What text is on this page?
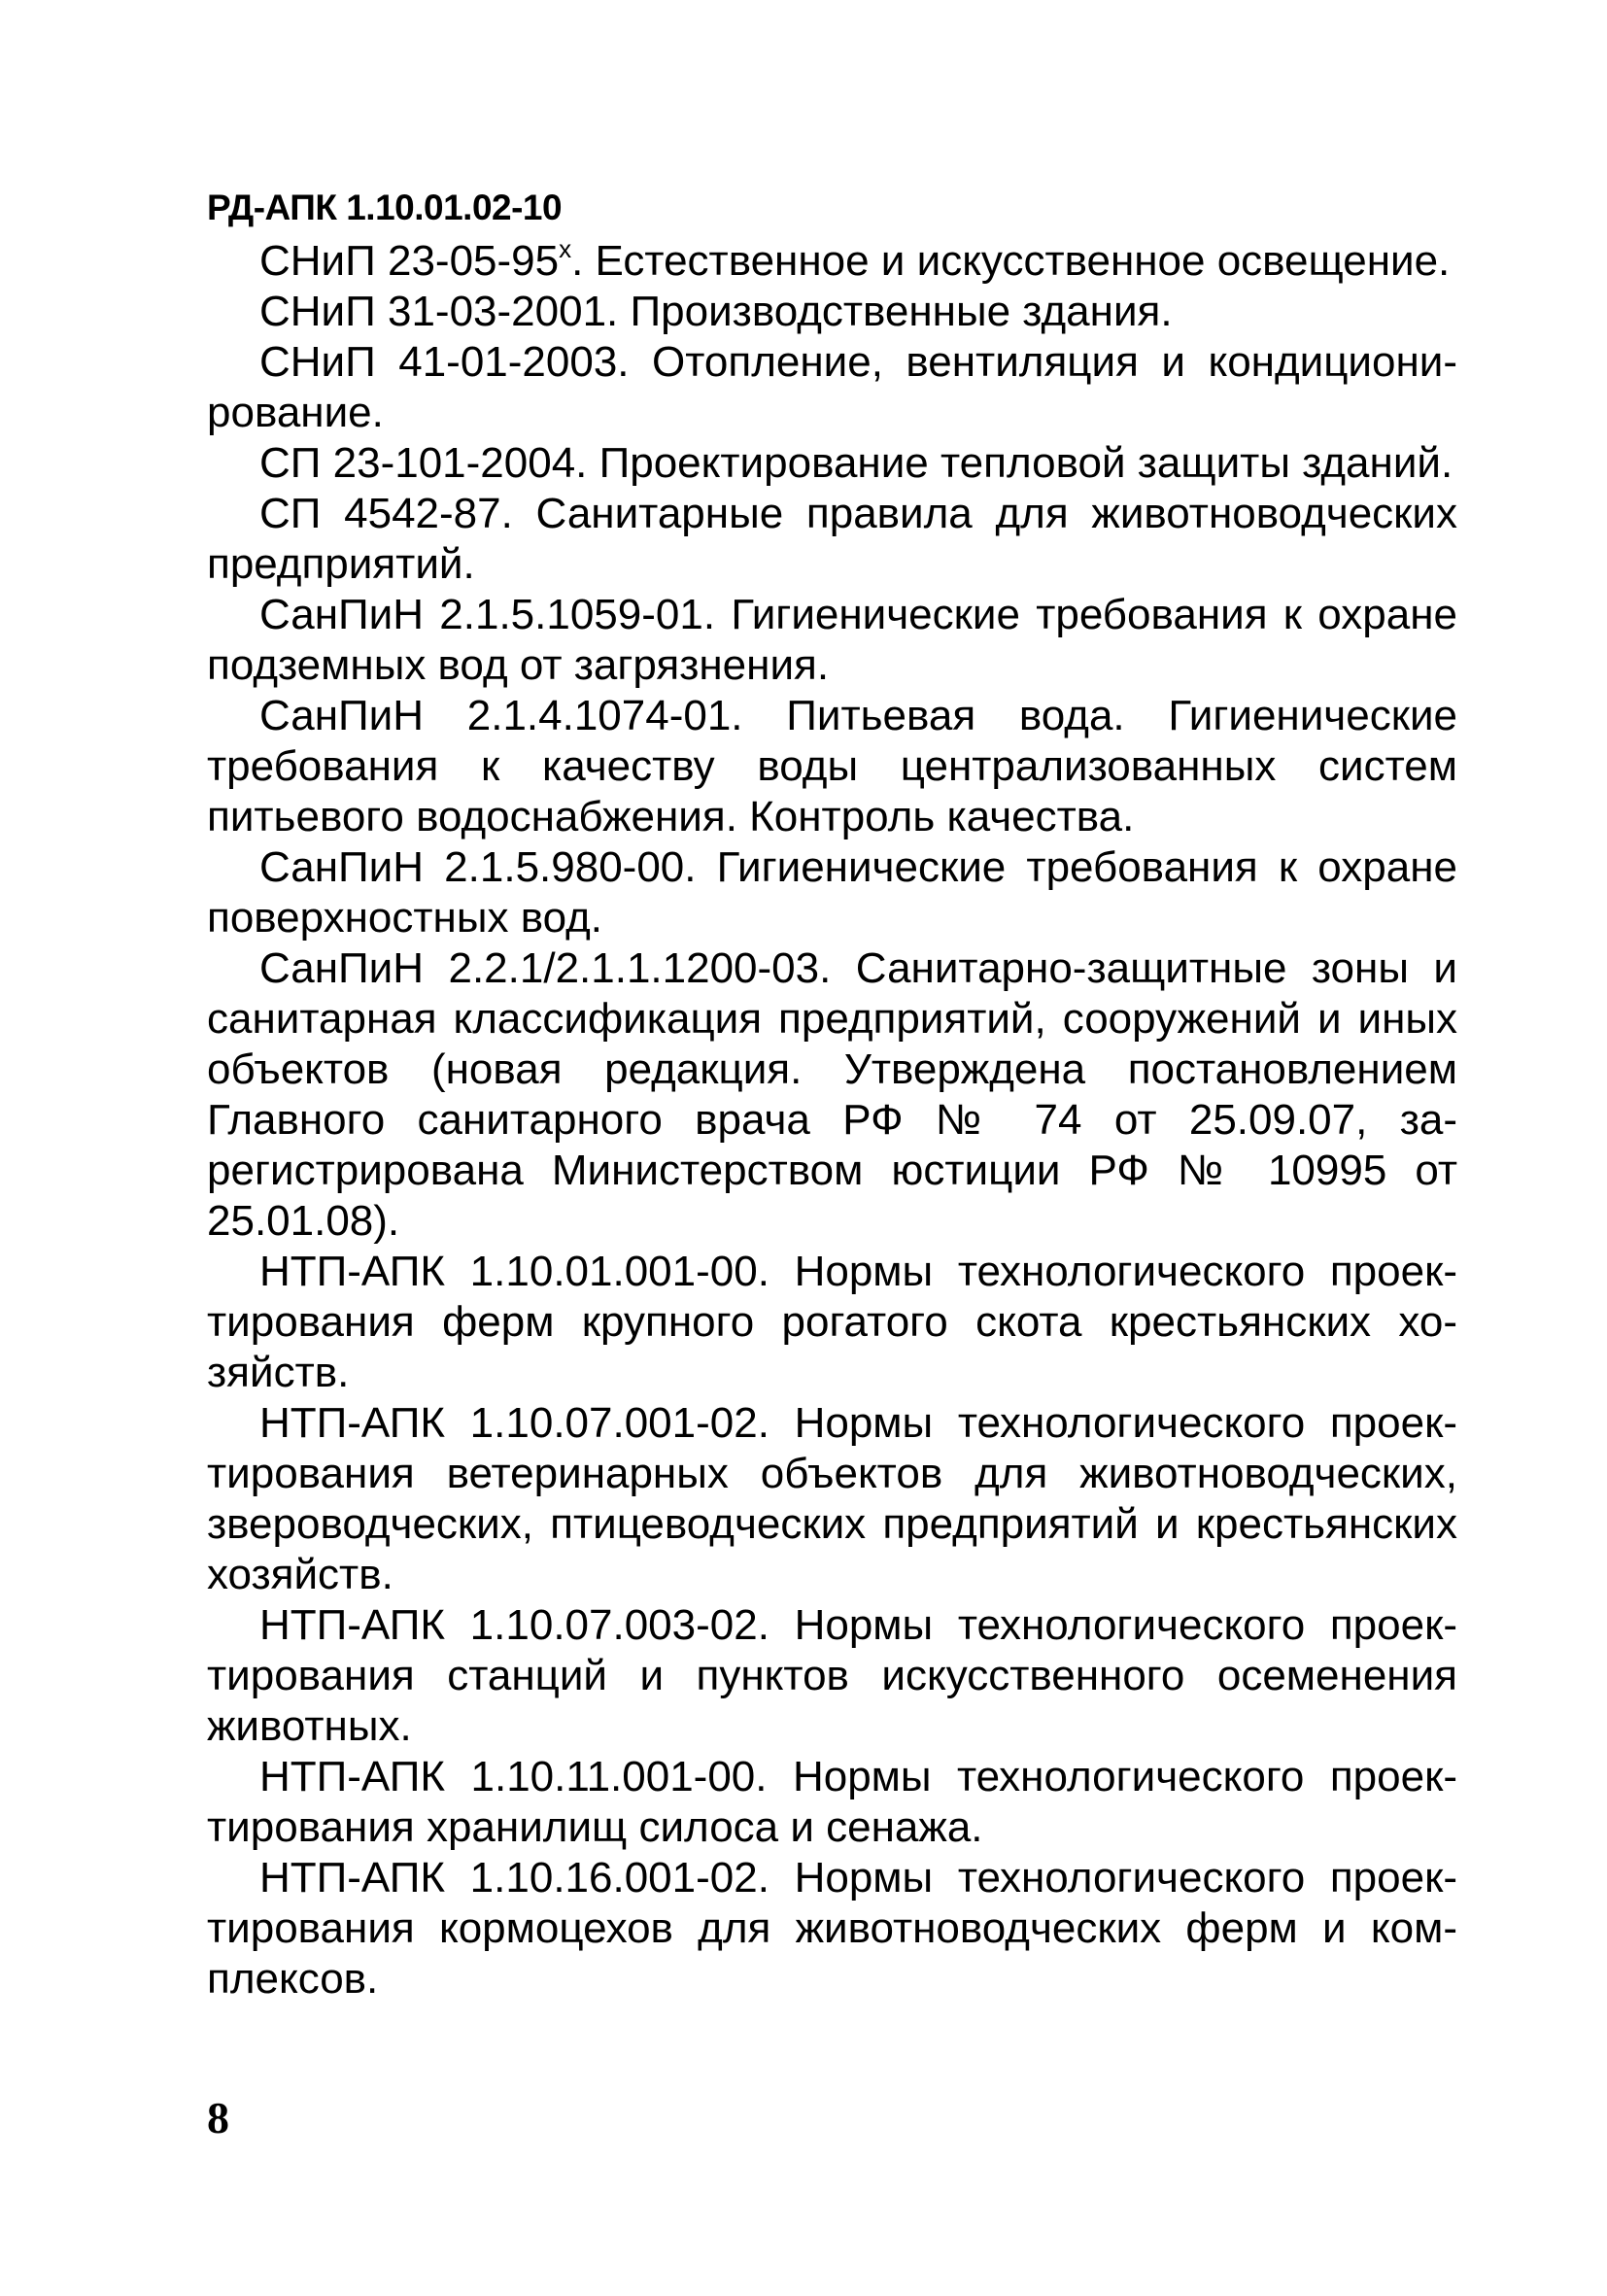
РД-АПК 1.10.01.02-10

СНиП $23-05-95^х$. Естественное и искусственное освещение.

СНиП 31-03-2001. Производственные здания.

СНиП 41-01-2003. Отопление, вентиляция и кондиционирование.

СП 23-101-2004. Проектирование тепловой защиты зданий.

СП 4542-87. Санитарные правила для животноводческих предприятий.

СанПиН 2.1.5.1059-01. Гигиенические требования к охране подземных вод от загрязнения.

СанПиН 2.1.4.1074-01. Питьевая вода. Гигиенические требования к качеству воды централизованных систем питьевого водоснабжения. Контроль качества.

СанПиН 2.1.5.980-00. Гигиенические требования к охране поверхностных вод.

СанПиН 2.2.1/2.1.1.1200-03. Санитарно-защитные зоны и санитарная классификация предприятий, сооружений и иных объектов (новая редакция. Утверждена постановлением Главного санитарного врача РФ № 74 от 25.09.07, зарегистрирована Министерством юстиции РФ № 10995 от 25.01.08).

НТП-АПК 1.10.01.001-00. Нормы технологического проектирования ферм крупного рогатого скота крестьянских хозяйств.

НТП-АПК 1.10.07.001-02. Нормы технологического проектирования ветеринарных объектов для животноводческих, звероводческих, птицеводческих предприятий и крестьянских хозяйств.

НТП-АПК 1.10.07.003-02. Нормы технологического проектирования станций и пунктов искусственного осеменения животных.

НТП-АПК 1.10.11.001-00. Нормы технологического проектирования хранилищ силоса и сенажа.

НТП-АПК 1.10.16.001-02. Нормы технологического проектирования кормоцехов для животноводческих ферм и комплексов.

8
